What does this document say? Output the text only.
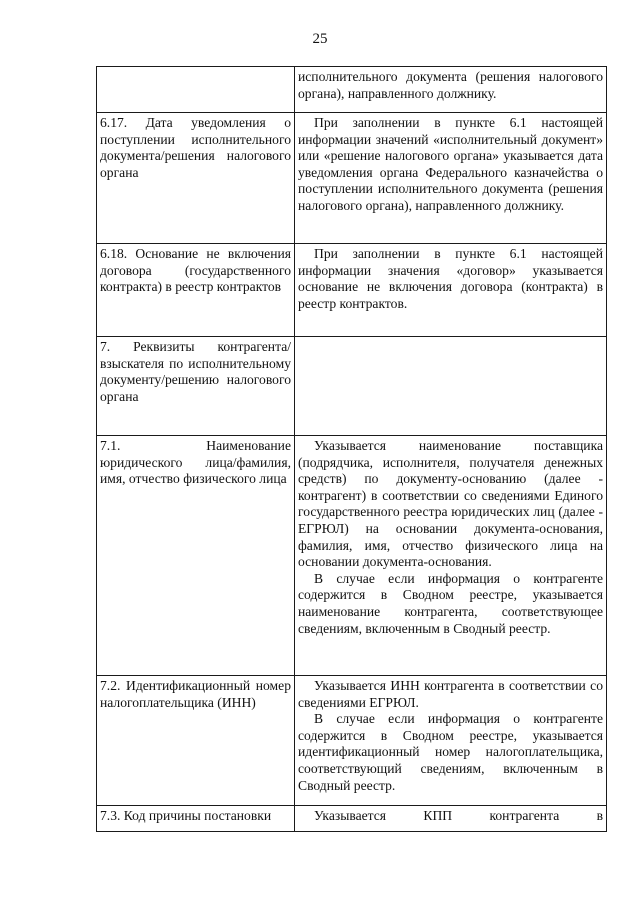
25

	исполнительного документа (решения налогового органа), направленного должнику.

6.17. Дата уведомления о поступлении исполнительного документа/решения налогового органа	При заполнении в пункте 6.1 настоящей информации значений «исполнительный документ» или «решение налогового органа» указывается дата уведомления органа Федерального казначейства о поступлении исполнительного документа (решения налогового органа), направленного должнику.

6.18. Основание не включения договора (государственного контракта) в реестр контрактов	При заполнении в пункте 6.1 настоящей информации значения «договор» указывается основание не включения договора (контракта) в реестр контрактов.

7. Реквизиты контрагента/взыскателя по исполнительному документу/решению налогового органа	

7.1. Наименование юридического лица/фамилия, имя, отчество физического лица	Указывается наименование поставщика (подрядчика, исполнителя, получателя денежных средств) по документу-основанию (далее - контрагент) в соответствии со сведениями Единого государственного реестра юридических лиц (далее - ЕГРЮЛ) на основании документа-основания, фамилия, имя, отчество физического лица на основании документа-основания.

В случае если информация о контрагенте содержится в Сводном реестре, указывается наименование контрагента, соответствующее сведениям, включенным в Сводный реестр.

7.2. Идентификационный номер налогоплательщика (ИНН)	Указывается ИНН контрагента в соответствии со сведениями ЕГРЮЛ.

В случае если информация о контрагенте содержится в Сводном реестре, указывается идентификационный номер налогоплательщика, соответствующий сведениям, включенным в Сводный реестр.

7.3. Код причины постановки	Указывается КПП контрагента в
